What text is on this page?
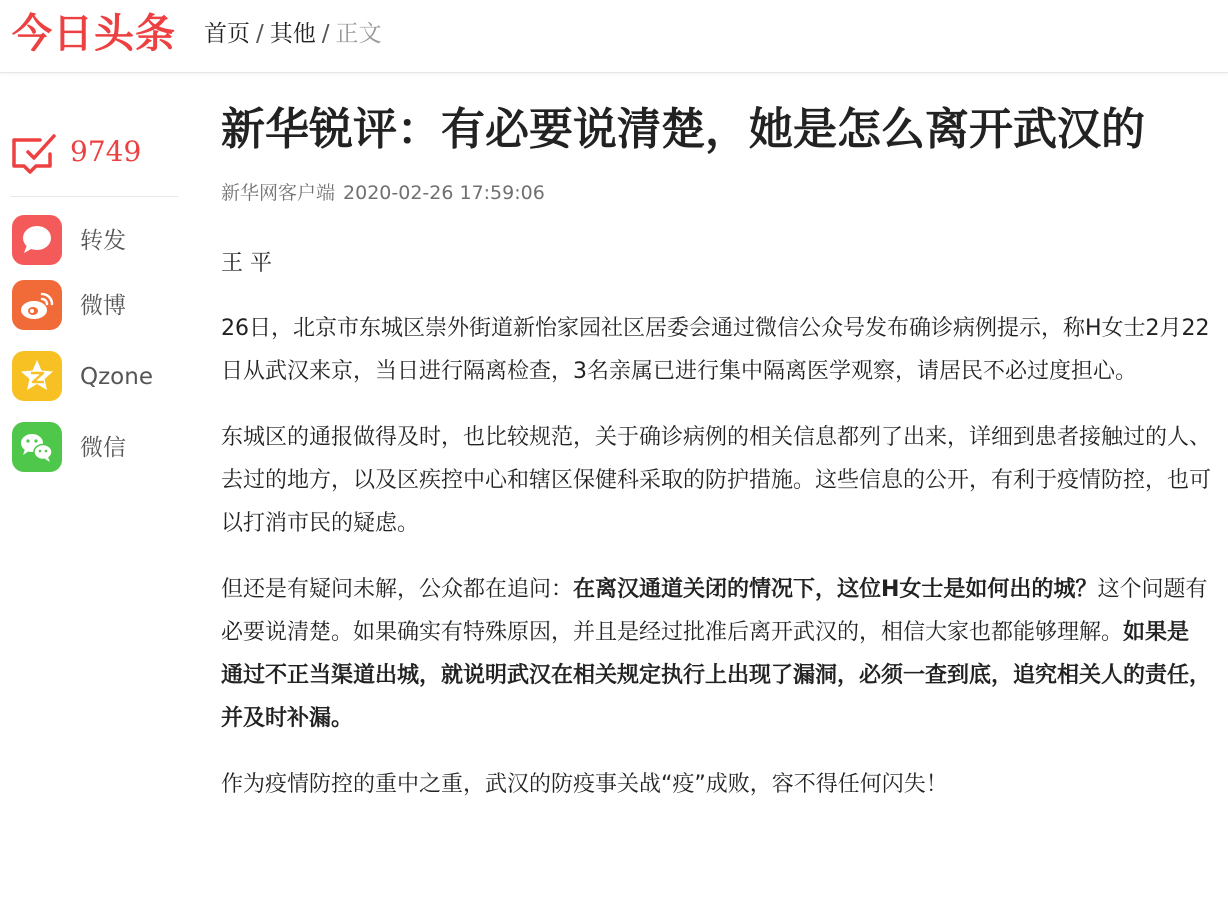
今日头条 首页 / 其他 / 正文
9749
转发
微博
Qzone
微信
新华锐评：有必要说清楚，她是怎么离开武汉的
新华网客户端 2020-02-26 17:59:06

王 平

26日，北京市东城区崇外街道新怡家园社区居委会通过微信公众号发布确诊病例提示，称H女士2月22日从武汉来京，当日进行隔离检查，3名亲属已进行集中隔离医学观察，请居民不必过度担心。

东城区的通报做得及时，也比较规范，关于确诊病例的相关信息都列了出来，详细到患者接触过的人、去过的地方，以及区疾控中心和辖区保健科采取的防护措施。这些信息的公开，有利于疫情防控，也可以打消市民的疑虑。

但还是有疑问未解，公众都在追问：在离汉通道关闭的情况下，这位H女士是如何出的城？这个问题有必要说清楚。如果确实有特殊原因，并且是经过批准后离开武汉的，相信大家也都能够理解。如果是通过不正当渠道出城，就说明武汉在相关规定执行上出现了漏洞，必须一查到底，追究相关人的责任，并及时补漏。

作为疫情防控的重中之重，武汉的防疫事关战“疫”成败，容不得任何闪失！
